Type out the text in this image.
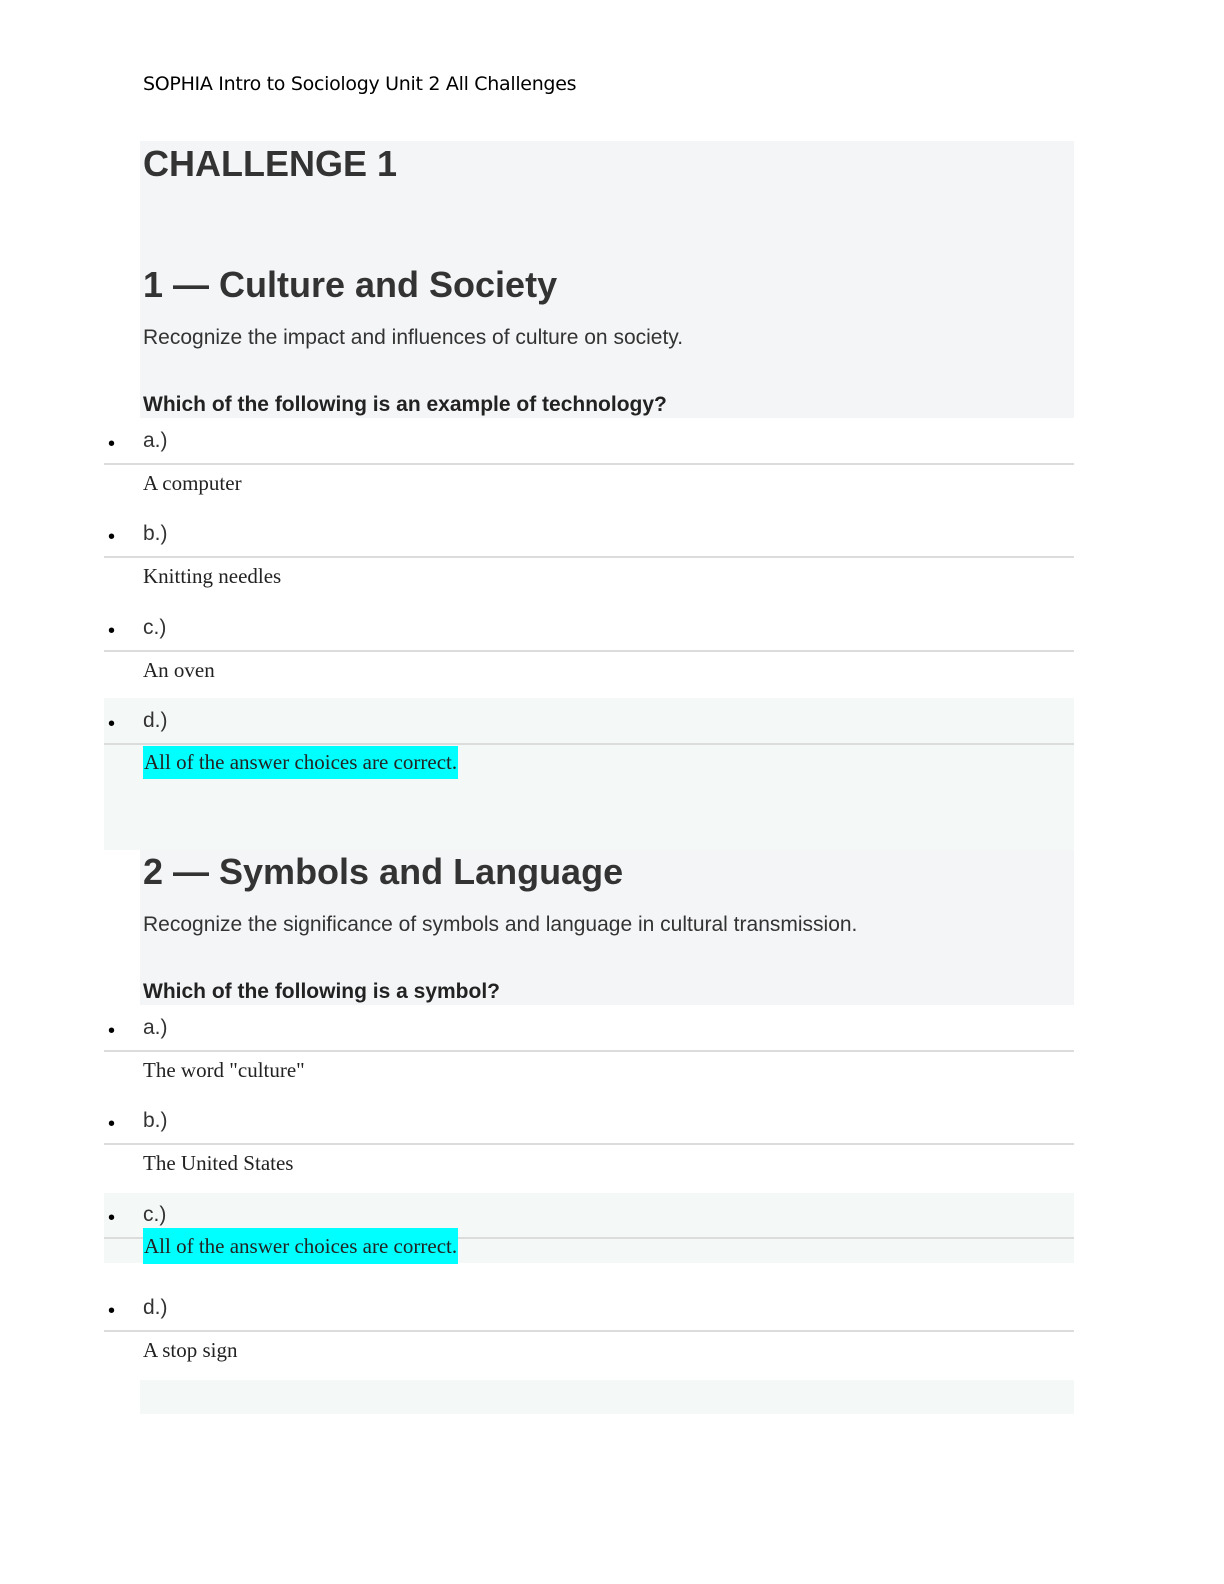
SOPHIA Intro to Sociology Unit 2 All Challenges
CHALLENGE 1
1 — Culture and Society
Recognize the impact and influences of culture on society.
Which of the following is an example of technology?
• a.)
A computer
• b.)
Knitting needles
• c.)
An oven
• d.)
All of the answer choices are correct.
2 — Symbols and Language
Recognize the significance of symbols and language in cultural transmission.
Which of the following is a symbol?
• a.)
The word "culture"
• b.)
The United States
• c.)
All of the answer choices are correct.
• d.)
A stop sign
